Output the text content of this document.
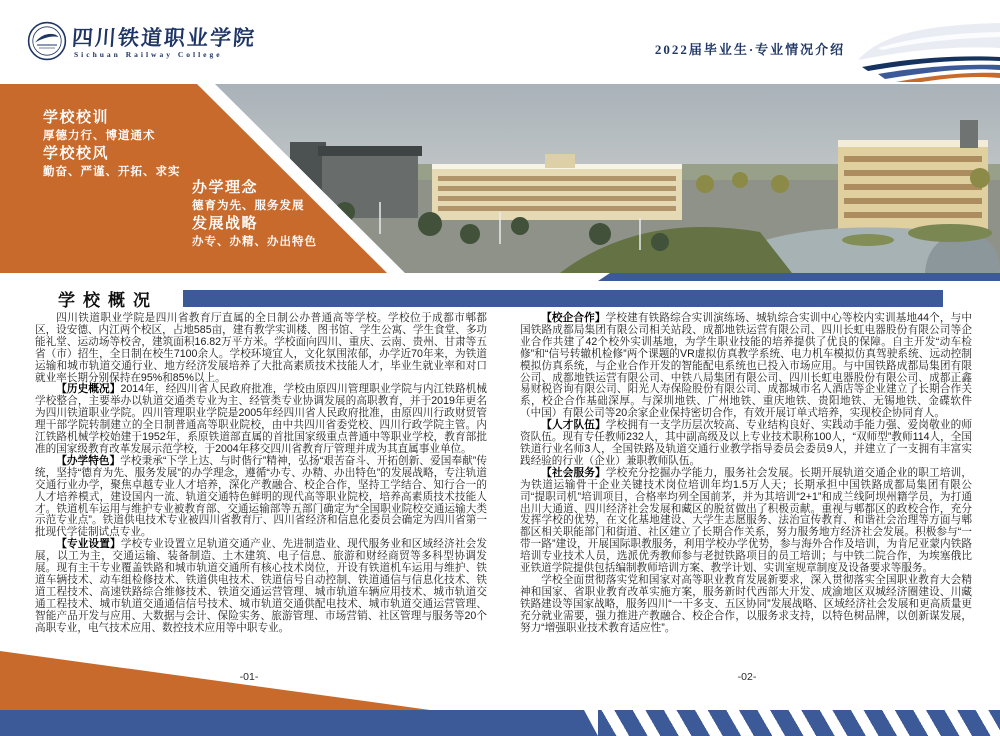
四川铁道职业学院
Sichuan Railway College	2022届毕业生·专业情况介绍
学校校训
厚德力行、博道通术
学校校风
勤奋、严谨、开拓、求实
办学理念
德育为先、服务发展
发展战略
办专、办精、办出特色
学校概况

四川铁道职业学院是四川省教育厅直属的全日制公办普通高等学校。学校位于成都市郫都区，设安德、内江两个校区，占地585亩，建有教学实训楼、图书馆、学生公寓、学生食堂、多功能礼堂、运动场等校舍，建筑面积16.82万平方米。学校面向四川、重庆、云南、贵州、甘肃等五省（市）招生，全日制在校生7100余人。学校环境宜人，文化氛围浓郁，办学近70年来，为铁道运输和城市轨道交通行业、地方经济发展培养了大批高素质技术技能人才，毕业生就业率和对口就业率长期分别保持在95%和85%以上。

【历史概况】2014年，经四川省人民政府批准，学校由原四川管理职业学院与内江铁路机械学校整合，主要举办以轨道交通类专业为主、经管类专业协调发展的高职教育，并于2019年更名为四川铁道职业学院。四川管理职业学院是2005年经四川省人民政府批准，由原四川行政财贸管理干部学院转制建立的全日制普通高等职业院校，由中共四川省委党校、四川行政学院主管。内江铁路机械学校始建于1952年，系原铁道部直属的首批国家级重点普通中等职业学校，教育部批准的国家级教育改革发展示范学校，于2004年移交四川省教育厅管理并成为其直属事业单位。

【办学特色】学校秉承“下学上达、与时偕行”精神，弘扬“艰苦奋斗、开拓创新、爱国奉献”传统，坚持“德育为先、服务发展”的办学理念，遵循“办专、办精、办出特色”的发展战略，专注轨道交通行业办学，聚焦卓越专业人才培养，深化产教融合、校企合作，坚持工学结合、知行合一的人才培养模式，建设国内一流、轨道交通特色鲜明的现代高等职业院校，培养高素质技术技能人才。铁道机车运用与维护专业被教育部、交通运输部等五部门确定为“全国职业院校交通运输大类示范专业点”。铁道供电技术专业被四川省教育厅、四川省经济和信息化委员会确定为四川省第一批现代学徒制试点专业。

【专业设置】学校专业设置立足轨道交通产业、先进制造业、现代服务业和区域经济社会发展，以工为主，交通运输、装备制造、土木建筑、电子信息、旅游和财经商贸等多科型协调发展。现有主干专业覆盖铁路和城市轨道交通所有核心技术岗位，开设有铁道机车运用与维护、铁道车辆技术、动车组检修技术、铁道供电技术、铁道信号自动控制、铁道通信与信息化技术、铁道工程技术、高速铁路综合维修技术、铁道交通运营管理、城市轨道车辆应用技术、城市轨道交通工程技术、城市轨道交通通信信号技术、城市轨道交通供配电技术、城市轨道交通运营管理、智能产品开发与应用、大数据与会计、保险实务、旅游管理、市场营销、社区管理与服务等20个高职专业，电气技术应用、数控技术应用等中职专业。

【校企合作】学校建有铁路综合实训演练场、城轨综合实训中心等校内实训基地44个，与中国铁路成都局集团有限公司相关站段、成都地铁运营有限公司、四川长虹电器股份有限公司等企业合作共建了42个校外实训基地，为学生职业技能的培养提供了优良的保障。自主开发“动车检修”和“信号转辙机检修”两个课题的VR虚拟仿真教学系统、电力机车模拟仿真驾驶系统、远动控制模拟仿真系统，与企业合作开发的智能配电系统也已投入市场应用。与中国铁路成都局集团有限公司、成都地铁运营有限公司、中铁八局集团有限公司、四川长虹电器股份有限公司、成都正鑫易财税咨询有限公司、阳光人寿保险股份有限公司、成都城市名人酒店等企业建立了长期合作关系，校企合作基础深厚。与深圳地铁、广州地铁、重庆地铁、贵阳地铁、无锡地铁、金碟软件（中国）有限公司等20余家企业保持密切合作，有效开展订单式培养，实现校企协同育人。

【人才队伍】学校拥有一支学历层次较高、专业结构良好、实践动手能力强、爱岗敬业的师资队伍。现有专任教师232人，其中副高级及以上专业技术职称100人，“双师型”教师114人，全国铁道行业名师3人，全国铁路及轨道交通行业教学指导委员会委员9人，并建立了一支拥有丰富实践经验的行业（企业）兼职教师队伍。

【社会服务】学校充分挖掘办学能力，服务社会发展。长期开展轨道交通企业的职工培训，为铁道运输骨干企业关键技术岗位培训年均1.5万人天；长期承担中国铁路成都局集团有限公司“提职司机”培训项目，合格率均列全国前茅，并为其培训“2+1”和成兰线阿坝州籍学员，为打通出川大通道、四川经济社会发展和藏区的脱贫做出了积极贡献。重视与郫都区的政校合作，充分发挥学校的优势，在文化基地建设、大学生志愿服务、法治宣传教育、和谐社会治理等方面与郫都区相关职能部门和街道、社区建立了长期合作关系，努力服务地方经济社会发展。积极参与“一带一路”建设，开展国际职教服务，利用学校办学优势，参与海外合作及培训，为肯尼亚蒙内铁路培训专业技术人员，选派优秀教师参与老挝铁路项目的员工培训；与中铁二院合作，为埃塞俄比亚铁道学院提供包括编制教师培训方案、教学计划、实训室规章制度及设备要求等服务。

学校全面贯彻落实党和国家对高等职业教育发展新要求，深入贯彻落实全国职业教育大会精神和国家、省职业教育改革实施方案，服务新时代西部大开发、成渝地区双城经济圈建设、川藏铁路建设等国家战略，服务四川“一干多支、五区协同”发展战略、区域经济社会发展和更高质量更充分就业需要，强力推进产教融合、校企合作，以服务求支持，以特色树品牌，以创新谋发展，努力“增强职业技术教育适应性”。

-01-	-02-
